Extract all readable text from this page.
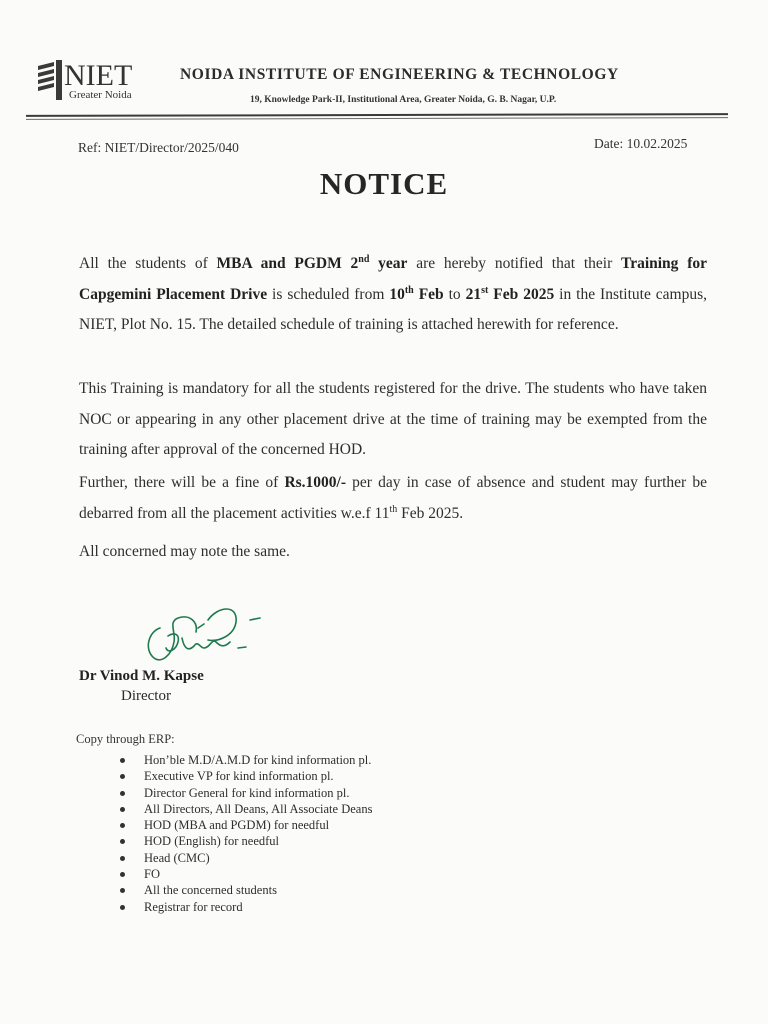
NIET
Greater Noida
NOIDA INSTITUTE OF ENGINEERING & TECHNOLOGY
19, Knowledge Park-II, Institutional Area, Greater Noida, G. B. Nagar, U.P.
Ref: NIET/Director/2025/040	Date: 10.02.2025
NOTICE
All the students of MBA and PGDM 2nd year are hereby notified that their Training for Capgemini Placement Drive is scheduled from 10th Feb to 21st Feb 2025 in the Institute campus, NIET, Plot No. 15. The detailed schedule of training is attached herewith for reference.
This Training is mandatory for all the students registered for the drive. The students who have taken NOC or appearing in any other placement drive at the time of training may be exempted from the training after approval of the concerned HOD.
Further, there will be a fine of Rs.1000/- per day in case of absence and student may further be debarred from all the placement activities w.e.f 11th Feb 2025.
All concerned may note the same.
Dr Vinod M. Kapse
Director
Copy through ERP:
Hon’ble M.D/A.M.D for kind information pl.
Executive VP for kind information pl.
Director General for kind information pl.
All Directors, All Deans, All Associate Deans
HOD (MBA and PGDM) for needful
HOD (English) for needful
Head (CMC)
FO
All the concerned students
Registrar for record
